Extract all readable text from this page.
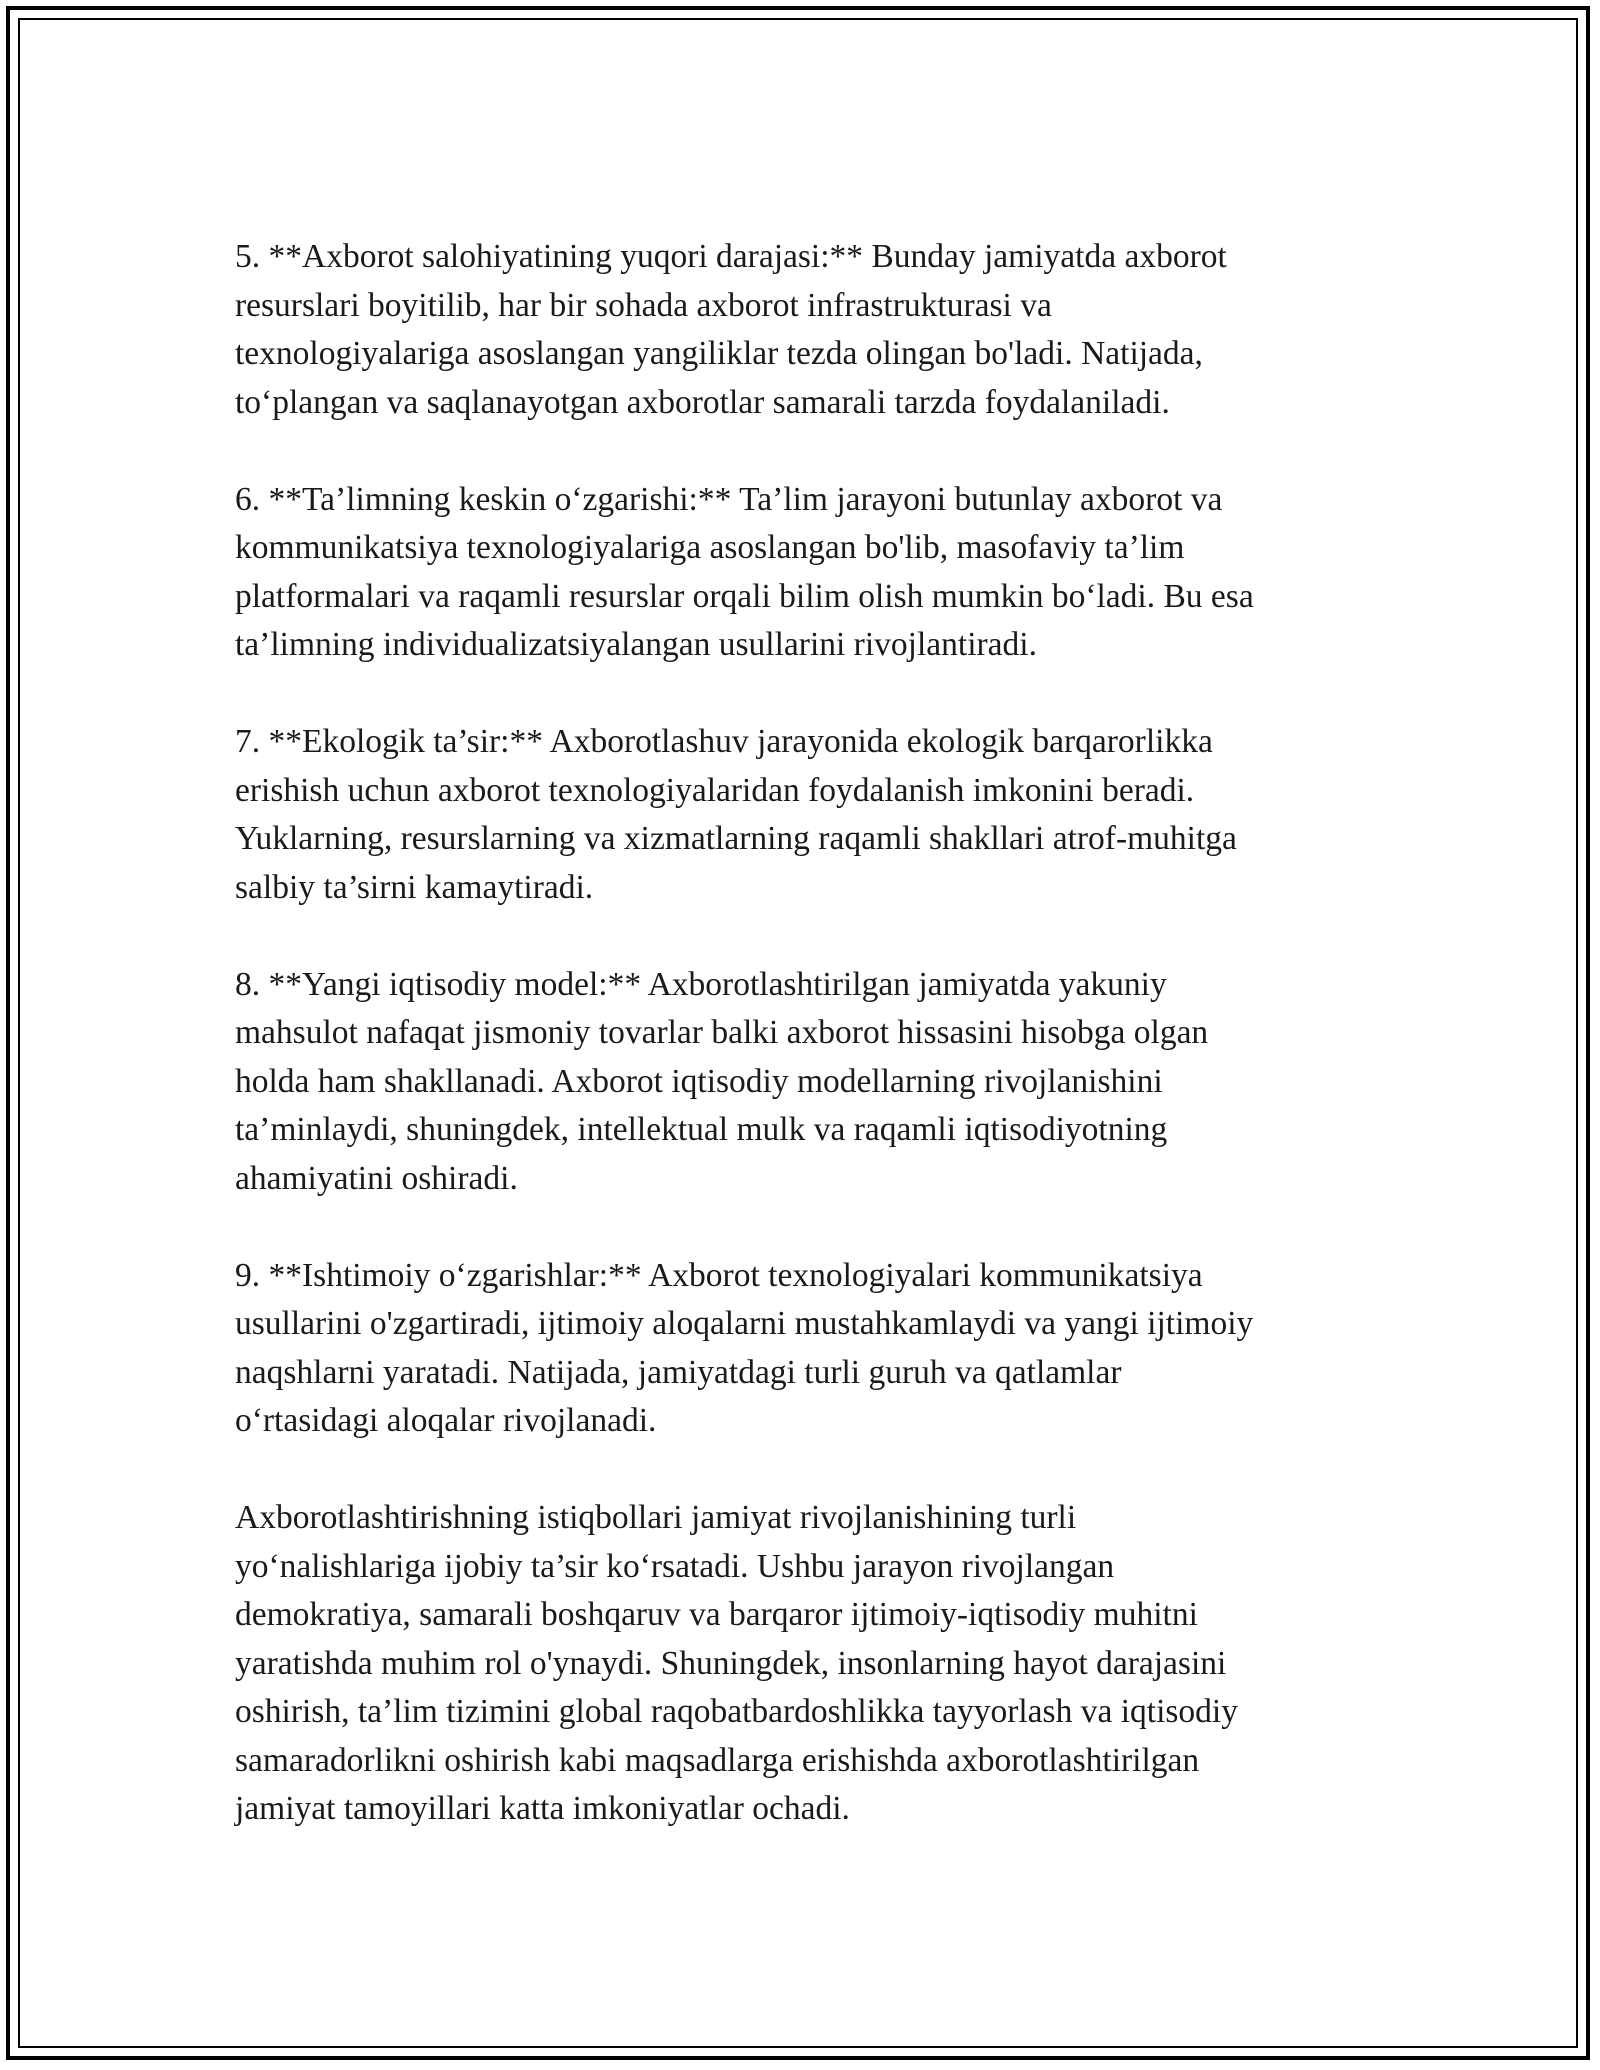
5. **Axborot salohiyatining yuqori darajasi:** Bunday jamiyatda axborot
resurslari boyitilib, har bir sohada axborot infrastrukturasi va
texnologiyalariga asoslangan yangiliklar tezda olingan bo'ladi. Natijada,
to‘plangan va saqlanayotgan axborotlar samarali tarzda foydalaniladi.

6. **Ta’limning keskin o‘zgarishi:** Ta’lim jarayoni butunlay axborot va
kommunikatsiya texnologiyalariga asoslangan bo'lib, masofaviy ta’lim
platformalari va raqamli resurslar orqali bilim olish mumkin bo‘ladi. Bu esa
ta’limning individualizatsiyalangan usullarini rivojlantiradi.

7. **Ekologik ta’sir:** Axborotlashuv jarayonida ekologik barqarorlikka
erishish uchun axborot texnologiyalaridan foydalanish imkonini beradi.
Yuklarning, resurslarning va xizmatlarning raqamli shakllari atrof-muhitga
salbiy ta’sirni kamaytiradi.

8. **Yangi iqtisodiy model:** Axborotlashtirilgan jamiyatda yakuniy
mahsulot nafaqat jismoniy tovarlar balki axborot hissasini hisobga olgan
holda ham shakllanadi. Axborot iqtisodiy modellarning rivojlanishini
ta’minlaydi, shuningdek, intellektual mulk va raqamli iqtisodiyotning
ahamiyatini oshiradi.

9. **Ishtimoiy o‘zgarishlar:** Axborot texnologiyalari kommunikatsiya
usullarini o'zgartiradi, ijtimoiy aloqalarni mustahkamlaydi va yangi ijtimoiy
naqshlarni yaratadi. Natijada, jamiyatdagi turli guruh va qatlamlar
o‘rtasidagi aloqalar rivojlanadi.

Axborotlashtirishning istiqbollari jamiyat rivojlanishining turli
yo‘nalishlariga ijobiy ta’sir ko‘rsatadi. Ushbu jarayon rivojlangan
demokratiya, samarali boshqaruv va barqaror ijtimoiy-iqtisodiy muhitni
yaratishda muhim rol o'ynaydi. Shuningdek, insonlarning hayot darajasini
oshirish, ta’lim tizimini global raqobatbardoshlikka tayyorlash va iqtisodiy
samaradorlikni oshirish kabi maqsadlarga erishishda axborotlashtirilgan
jamiyat tamoyillari katta imkoniyatlar ochadi.
